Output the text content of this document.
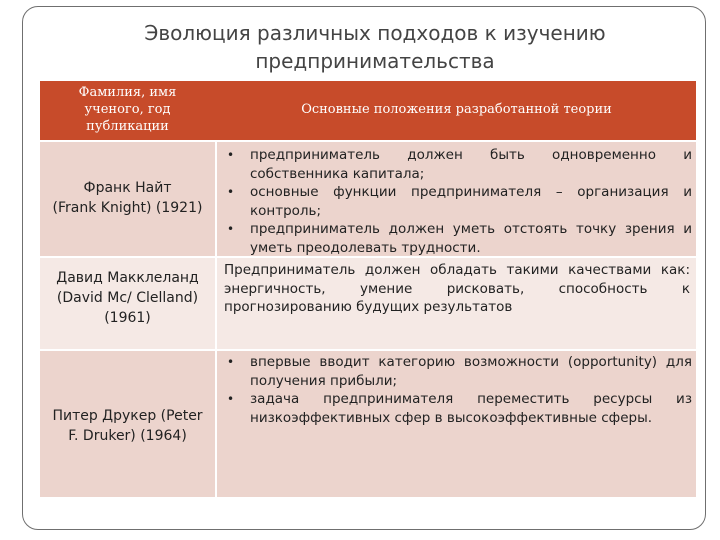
Эволюция различных подходов к изучению
предпринимательства
Фамилия, имя
ученого, год
публикации
Основные положения разработанной теории
Франк Найт
(Frank Knight) (1921)
• предприниматель должен быть одновременно и собственника капитала;
• основные функции предпринимателя – организация и контроль;
• предприниматель должен уметь отстоять точку зрения и уметь преодолевать трудности.
Давид Макклеланд
(David Mc/ Clelland)
(1961)
Предприниматель должен обладать такими качествами как: энергичность, умение рисковать, способность к прогнозированию будущих результатов
Питер Друкер (Peter
F. Druker) (1964)
• впервые вводит категорию возможности (opportunity) для получения прибыли;
• задача предпринимателя переместить ресурсы из низкоэффективных сфер в высокоэффективные сферы.
